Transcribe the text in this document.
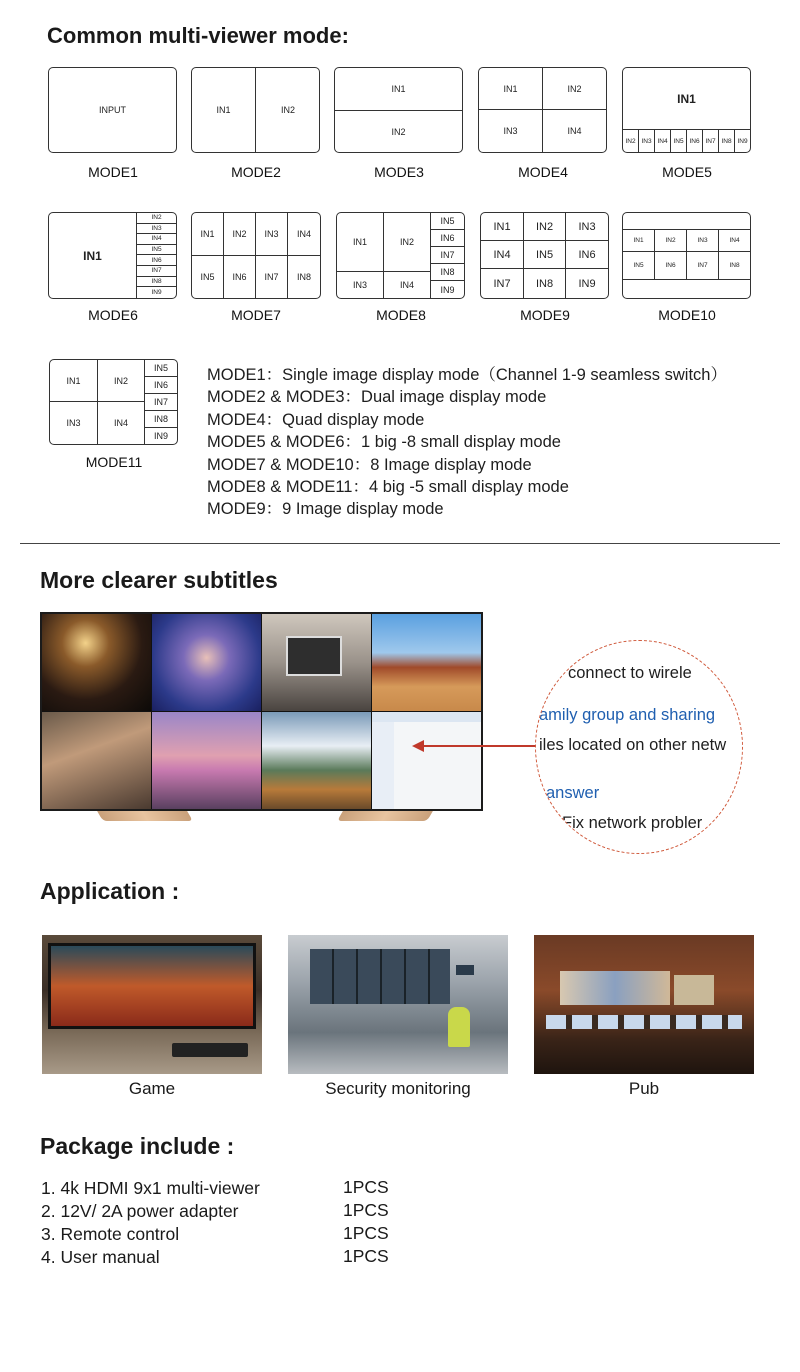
Common multi-viewer mode:
INPUT
MODE1
IN1	IN2
MODE2
IN1
IN2
MODE3
IN1	IN2
IN3	IN4
MODE4
IN1
IN2 IN3 IN4 IN5 IN6 IN7 IN8 IN9
MODE5
IN1
IN2
IN3
IN4
IN5
IN6
IN7
IN8
IN9
MODE6
IN1	IN2	IN3	IN4
IN5	IN6	IN7	IN8
MODE7
IN1	IN2
IN3	IN4
IN5
IN6
IN7
IN8
IN9
MODE8
IN1	IN2	IN3
IN4	IN5	IN6
IN7	IN8	IN9
MODE9
IN1	IN2	IN3	IN4
IN5	IN6	IN7	IN8
MODE10
IN1	IN2
IN3	IN4
IN5
IN6
IN7
IN8
IN9
MODE11
MODE1：Single image display mode（Channel 1-9 seamless switch）
MODE2 & MODE3：Dual image display mode
MODE4：Quad display mode
MODE5 & MODE6：1 big -8 small display mode
MODE7 & MODE10：8 Image display mode
MODE8 & MODE11：4 big -5 small display mode
MODE9：9 Image display mode
More clearer subtitles
connect to wirele
amily group and sharing
iles located on other netw
answer
Fix network probler
Application :
Game	Security monitoring	Pub
Package include :
1. 4k HDMI 9x1 multi-viewer	1PCS
2. 12V/ 2A power adapter	1PCS
3. Remote control	1PCS
4. User manual	1PCS
